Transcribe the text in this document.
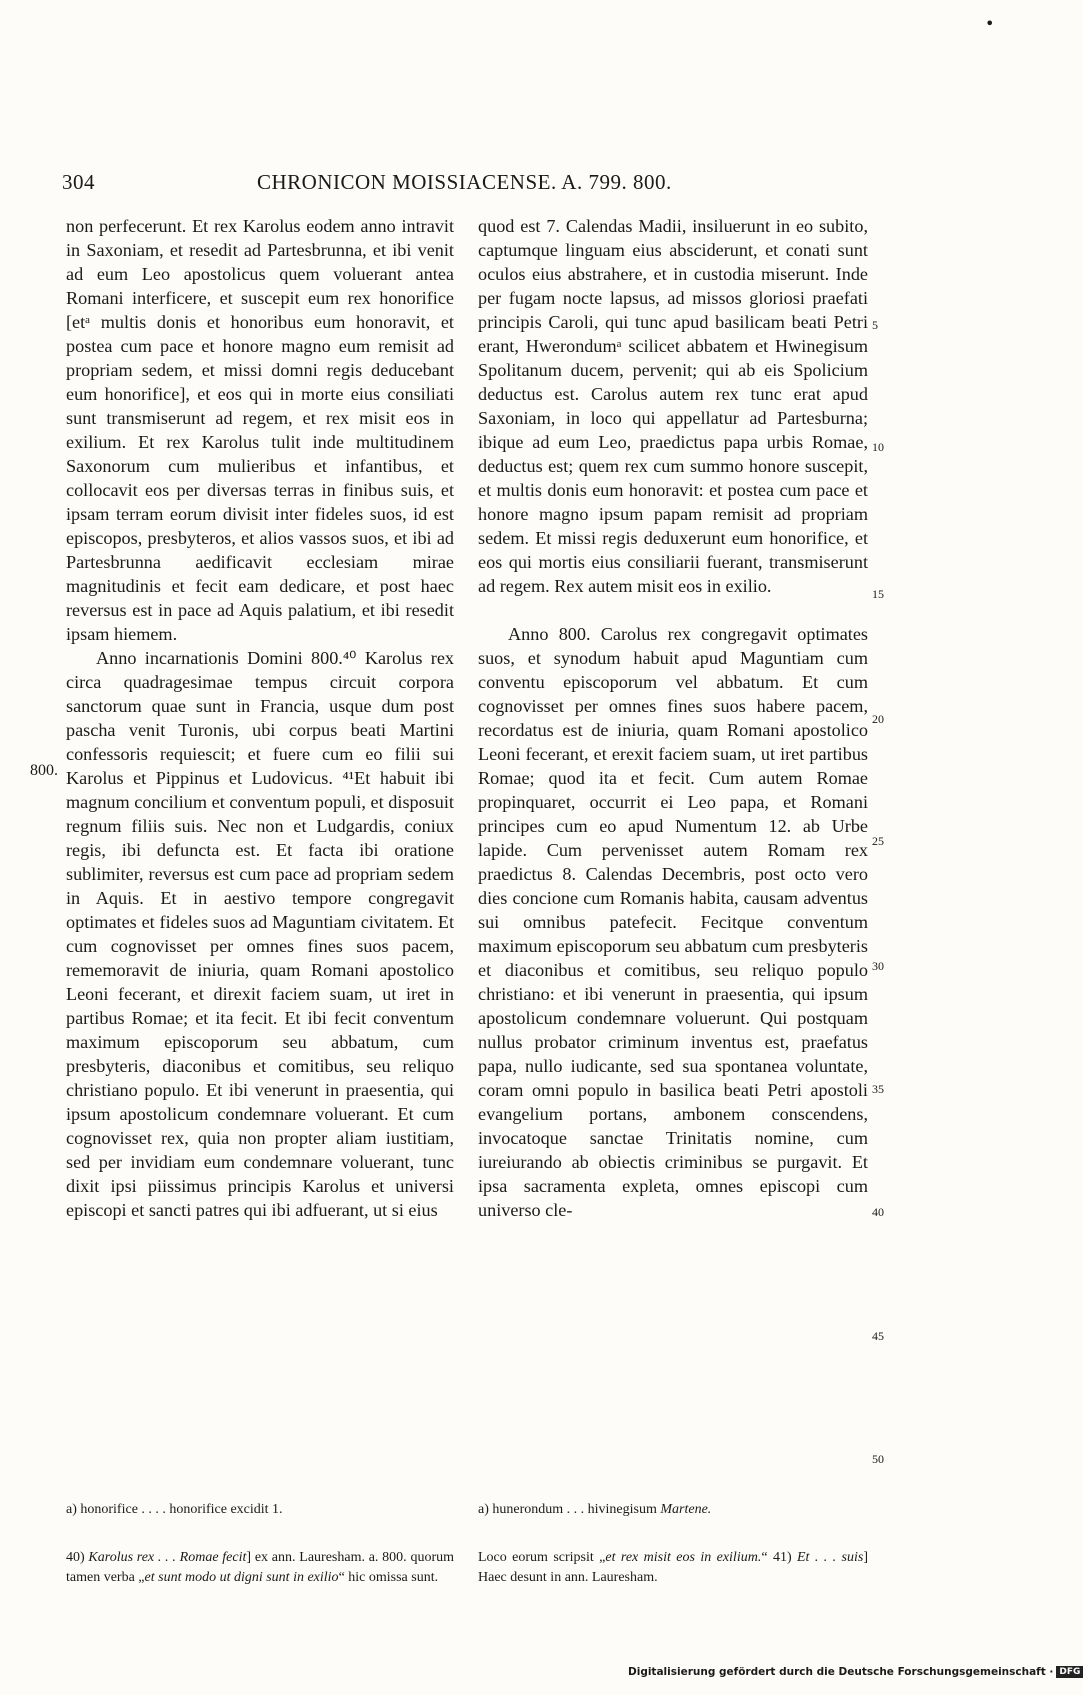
•
304	CHRONICON MOISSIACENSE. A. 799. 800.

non perfecerunt. Et rex Karolus eodem anno intravit in Saxoniam, et resedit ad Partesbrunna, et ibi venit ad eum Leo apostolicus quem voluerant antea Romani interficere, et suscepit eum rex honorifice [etᵃ multis donis et honoribus eum honoravit, et postea cum pace et honore magno eum remisit ad propriam sedem, et missi domni regis deducebant eum honorifice], et eos qui in morte eius consiliati sunt transmiserunt ad regem, et rex misit eos in exilium. Et rex Karolus tulit inde multitudinem Saxonorum cum mulieribus et infantibus, et collocavit eos per diversas terras in finibus suis, et ipsam terram eorum divisit inter fideles suos, id est episcopos, presbyteros, et alios vassos suos, et ibi ad Partesbrunna aedificavit ecclesiam mirae magnitudinis et fecit eam dedicare, et post haec reversus est in pace ad Aquis palatium, et ibi resedit ipsam hiemem.

Anno incarnationis Domini 800.⁴⁰ Karolus rex circa quadragesimae tempus circuit corpora sanctorum quae sunt in Francia, usque dum post pascha venit Turonis, ubi corpus beati Martini confessoris requiescit; et fuere cum eo filii sui Karolus et Pippinus et Ludovicus. ⁴¹Et habuit ibi magnum concilium et conventum populi, et disposuit regnum filiis suis. Nec non et Ludgardis, coniux regis, ibi defuncta est. Et facta ibi oratione sublimiter, reversus est cum pace ad propriam sedem in Aquis. Et in aestivo tempore congregavit optimates et fideles suos ad Maguntiam civitatem. Et cum cognovisset per omnes fines suos pacem, rememoravit de iniuria, quam Romani apostolico Leoni fecerant, et direxit faciem suam, ut iret in partibus Romae; et ita fecit. Et ibi fecit conventum maximum episcoporum seu abbatum, cum presbyteris, diaconibus et comitibus, seu reliquo christiano populo. Et ibi venerunt in praesentia, qui ipsum apostolicum condemnare voluerant. Et cum cognovisset rex, quia non propter aliam iustitiam, sed per invidiam eum condemnare voluerant, tunc dixit ipsi piissimus principis Karolus et universi episcopi et sancti patres qui ibi adfuerant, ut si eius

800.

quod est 7. Calendas Madii, insiluerunt in eo subito, captumque linguam eius absciderunt, et conati sunt oculos eius abstrahere, et in custodia miserunt. Inde per fugam nocte lapsus, ad missos gloriosi praefati principis Caroli, qui tunc apud basilicam beati Petri erant, Hwerondumᵃ scilicet abbatem et Hwinegisum Spolitanum ducem, pervenit; qui ab eis Spolicium deductus est. Carolus autem rex tunc erat apud Saxoniam, in loco qui appellatur ad Partesburna; ibique ad eum Leo, praedictus papa urbis Romae, deductus est; quem rex cum summo honore suscepit, et multis donis eum honoravit: et postea cum pace et honore magno ipsum papam remisit ad propriam sedem. Et missi regis deduxerunt eum honorifice, et eos qui mortis eius consiliarii fuerant, transmiserunt ad regem. Rex autem misit eos in exilio.

Anno 800. Carolus rex congregavit optimates suos, et synodum habuit apud Maguntiam cum conventu episcoporum vel abbatum. Et cum cognovisset per omnes fines suos habere pacem, recordatus est de iniuria, quam Romani apostolico Leoni fecerant, et erexit faciem suam, ut iret partibus Romae; quod ita et fecit. Cum autem Romae propinquaret, occurrit ei Leo papa, et Romani principes cum eo apud Numentum 12. ab Urbe lapide. Cum pervenisset autem Romam rex praedictus 8. Calendas Decembris, post octo vero dies concione cum Romanis habita, causam adventus sui omnibus patefecit. Fecitque conventum maximum episcoporum seu abbatum cum presbyteris et diaconibus et comitibus, seu reliquo populo christiano: et ibi venerunt in praesentia, qui ipsum apostolicum condemnare voluerunt. Qui postquam nullus probator criminum inventus est, praefatus papa, nullo iudicante, sed sua spontanea voluntate, coram omni populo in basilica beati Petri apostoli evangelium portans, ambonem conscendens, invocatoque sanctae Trinitatis nomine, cum iureiurando ab obiectis criminibus se purgavit. Et ipsa sacramenta expleta, omnes episcopi cum universo cle-

5
10
15
20
25
30
35
40
45
50
a) honorifice . . . . honorifice excidit 1.	a) hunerondum . . . hivinegisum Martene.
40) Karolus rex . . . Romae fecit] ex ann. Lauresham. a. 800. quorum tamen verba „et sunt modo ut digni sunt in exilio“ hic omissa sunt.
Loco eorum scripsit „et rex misit eos in exilium.“ 41) Et . . . suis] Haec desunt in ann. Lauresham.
Digitalisierung gefördert durch die Deutsche Forschungsgemeinschaft · DFG
